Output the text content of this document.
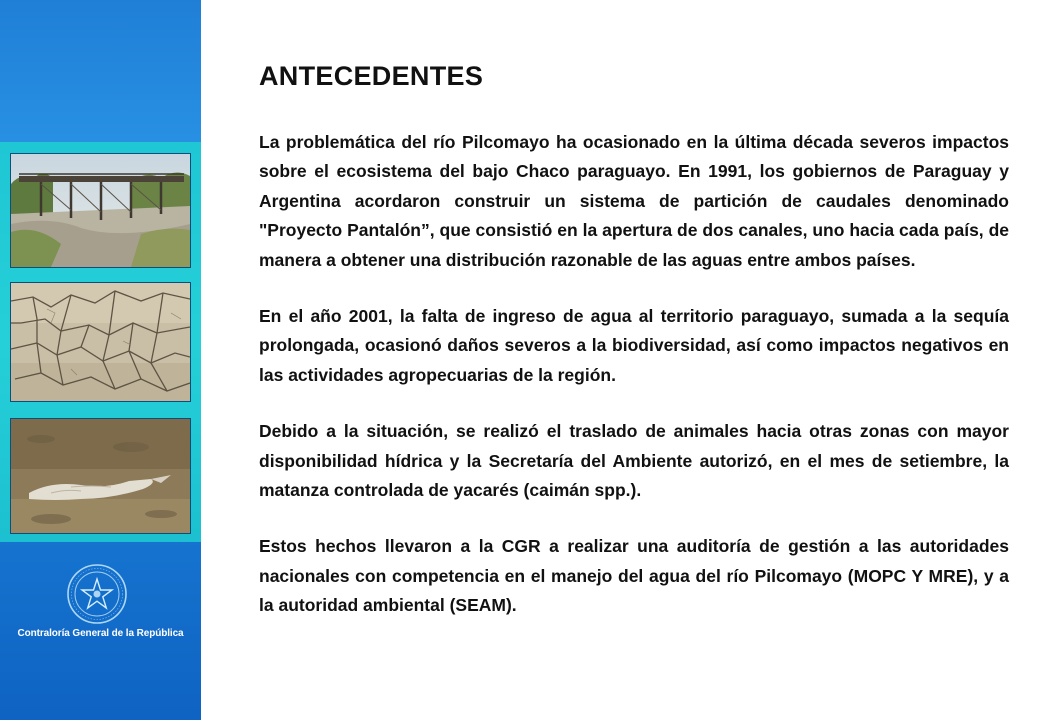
Contraloría General de la República
ANTECEDENTES

La problemática del río Pilcomayo ha ocasionado en la última década severos impactos sobre el ecosistema del bajo Chaco paraguayo. En 1991, los gobiernos de Paraguay y Argentina acordaron construir un sistema de partición de caudales denominado "Proyecto Pantalón”, que consistió en la apertura de dos canales, uno hacia cada país, de manera a obtener una distribución razonable de las aguas entre ambos países.

En el año 2001, la falta de ingreso de agua al territorio paraguayo, sumada a la sequía prolongada, ocasionó daños severos a la biodiversidad, así como impactos negativos en las actividades agropecuarias de la región.

Debido a la situación, se realizó el traslado de animales hacia otras zonas con mayor disponibilidad hídrica y la Secretaría del Ambiente autorizó, en el mes de setiembre, la matanza controlada de yacarés (caimán spp.).

Estos hechos llevaron a la CGR a realizar una auditoría de gestión a las autoridades nacionales con competencia en el manejo del agua del río Pilcomayo (MOPC Y MRE), y a la autoridad ambiental (SEAM).
